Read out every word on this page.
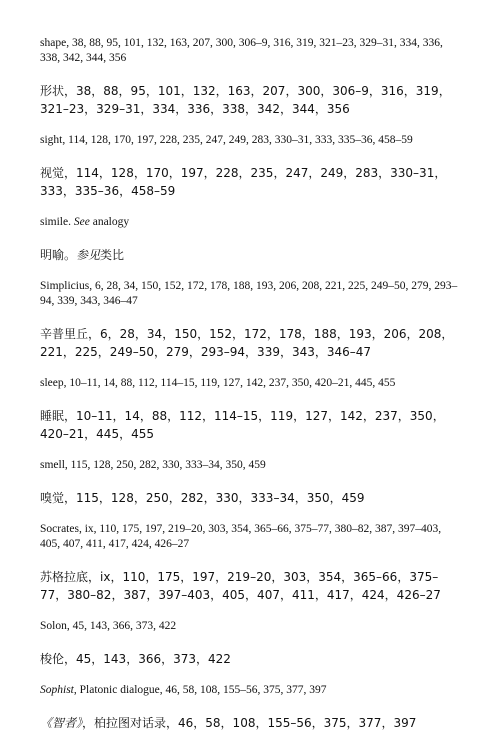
shape, 38, 88, 95, 101, 132, 163, 207, 300, 306–9, 316, 319, 321–23, 329–31, 334, 336, 338, 342, 344, 356

形状，38，88，95，101，132，163，207，300，306–9，316，319，321–23，329–31，334，336，338，342，344，356

sight, 114, 128, 170, 197, 228, 235, 247, 249, 283, 330–31, 333, 335–36, 458–59

视觉，114，128，170，197，228，235，247，249，283，330–31，333，335–36，458–59

simile. See analogy

明喻。参见类比

Simplicius, 6, 28, 34, 150, 152, 172, 178, 188, 193, 206, 208, 221, 225, 249–50, 279, 293–94, 339, 343, 346–47

辛普里丘，6，28，34，150，152，172，178，188，193，206，208，221，225，249–50，279，293–94，339，343，346–47

sleep, 10–11, 14, 88, 112, 114–15, 119, 127, 142, 237, 350, 420–21, 445, 455

睡眠，10–11，14，88，112，114–15，119，127，142，237，350，420–21，445，455

smell, 115, 128, 250, 282, 330, 333–34, 350, 459

嗅觉，115，128，250，282，330，333–34，350，459

Socrates, ix, 110, 175, 197, 219–20, 303, 354, 365–66, 375–77, 380–82, 387, 397–403, 405, 407, 411, 417, 424, 426–27

苏格拉底，ix，110，175，197，219–20，303，354，365–66，375–77，380–82，387，397–403，405，407，411，417，424，426–27

Solon, 45, 143, 366, 373, 422

梭伦，45，143，366，373，422

Sophist, Platonic dialogue, 46, 58, 108, 155–56, 375, 377, 397

《智者》，柏拉图对话录，46，58，108，155–56，375，377，397
